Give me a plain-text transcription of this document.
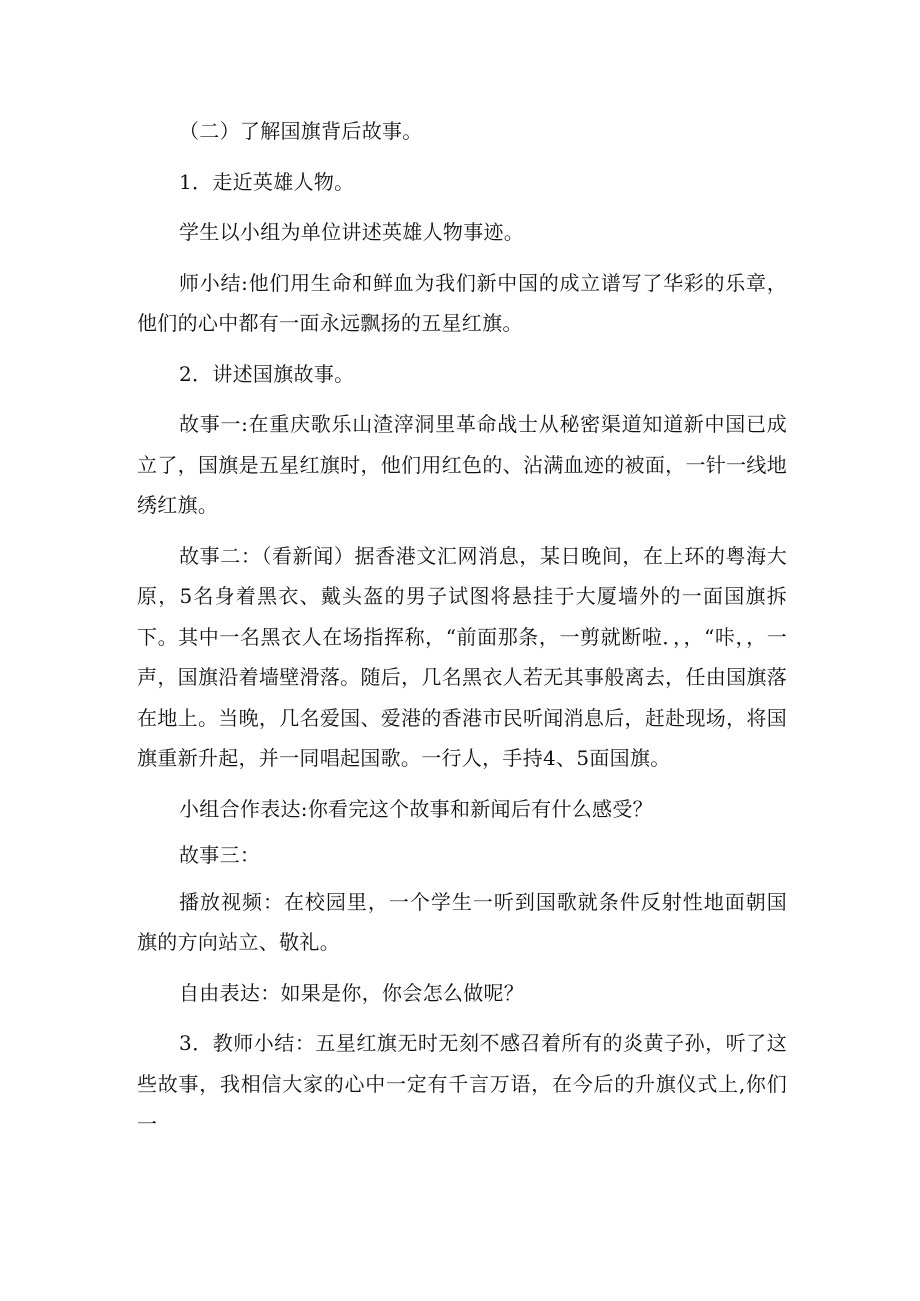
（二）了解国旗背后故事。

1．走近英雄人物。

学生以小组为单位讲述英雄人物事迹。

师小结:他们用生命和鲜血为我们新中国的成立谱写了华彩的乐章，他们的心中都有一面永远飘扬的五星红旗。

2．讲述国旗故事。

故事一:在重庆歌乐山渣滓洞里革命战士从秘密渠道知道新中国已成立了，国旗是五星红旗时，他们用红色的、沾满血迹的被面，一针一线地绣红旗。

故事二：（看新闻）据香港文汇网消息，某日晚间，在上环的粤海大原，5名身着黑衣、戴头盔的男子试图将悬挂于大厦墙外的一面国旗拆下。其中一名黑衣人在场指挥称，“前面那条，一剪就断啦．，，“咔，，一声，国旗沿着墙壁滑落。随后，几名黑衣人若无其事般离去，任由国旗落在地上。当晚，几名爱国、爱港的香港市民听闻消息后，赶赴现场，将国旗重新升起，并一同唱起国歌。一行人，手持4、5面国旗。

小组合作表达:你看完这个故事和新闻后有什么感受？

故事三：

播放视频：在校园里，一个学生一听到国歌就条件反射性地面朝国旗的方向站立、敬礼。

自由表达：如果是你，你会怎么做呢？

3．教师小结：五星红旗无时无刻不感召着所有的炎黄子孙，听了这些故事，我相信大家的心中一定有千言万语，在今后的升旗仪式上,你们一
